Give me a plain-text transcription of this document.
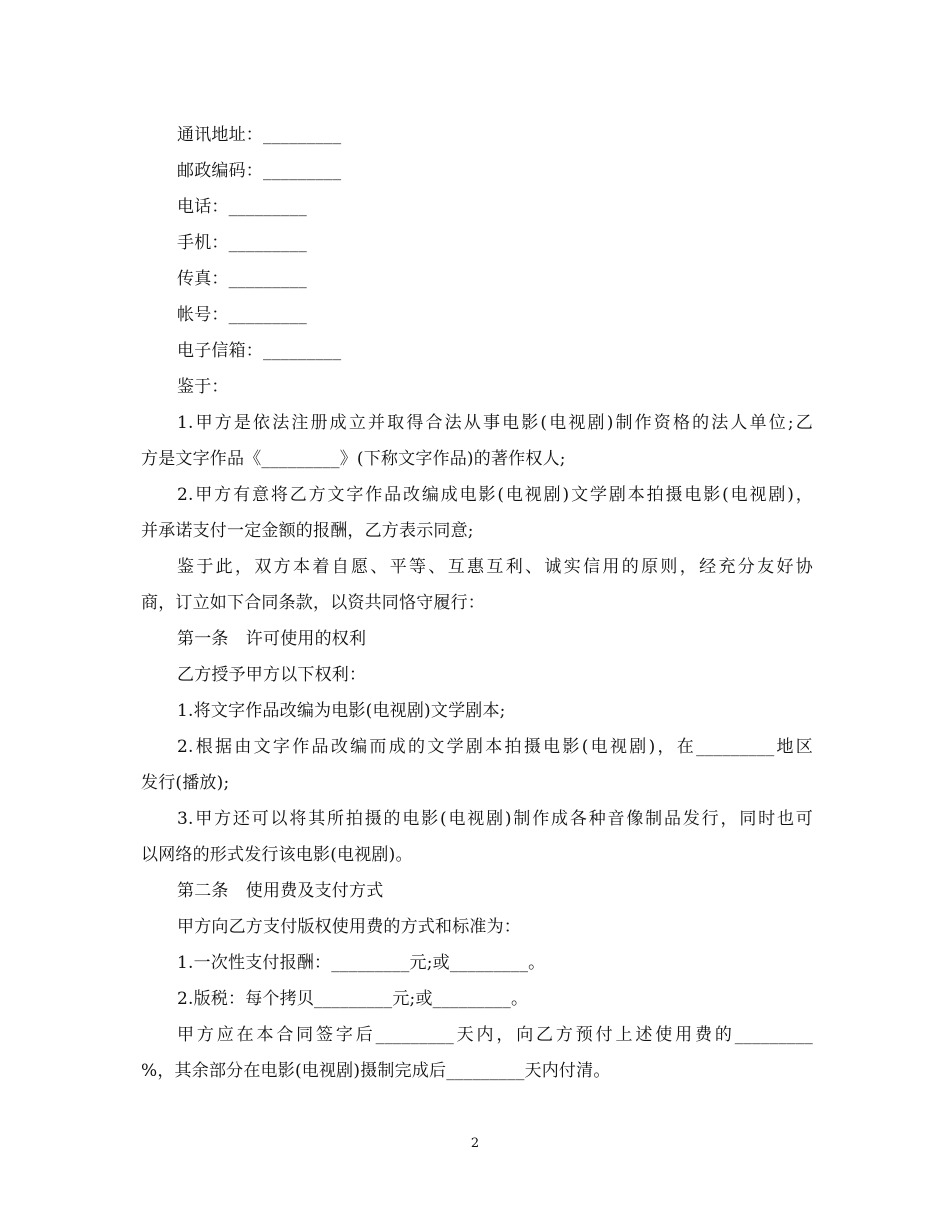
通讯地址：_________
邮政编码：_________
电话：_________
手机：_________
传真：_________
帐号：_________
电子信箱：_________
鉴于：
1.甲方是依法注册成立并取得合法从事电影(电视剧)制作资格的法人单位;乙
方是文字作品《_________》(下称文字作品)的著作权人;
2.甲方有意将乙方文字作品改编成电影(电视剧)文学剧本拍摄电影(电视剧)，
并承诺支付一定金额的报酬，乙方表示同意;
鉴于此，双方本着自愿、平等、互惠互利、诚实信用的原则，经充分友好协
商，订立如下合同条款，以资共同恪守履行：
第一条　许可使用的权利
乙方授予甲方以下权利：
1.将文字作品改编为电影(电视剧)文学剧本;
2.根据由文字作品改编而成的文学剧本拍摄电影(电视剧)，在_________地区
发行(播放);
3.甲方还可以将其所拍摄的电影(电视剧)制作成各种音像制品发行，同时也可
以网络的形式发行该电影(电视剧)。
第二条　使用费及支付方式
甲方向乙方支付版权使用费的方式和标准为：
1.一次性支付报酬：_________元;或_________。
2.版税：每个拷贝_________元;或_________。
甲方应在本合同签字后_________天内，向乙方预付上述使用费的_________
%，其余部分在电影(电视剧)摄制完成后_________天内付清。
2
